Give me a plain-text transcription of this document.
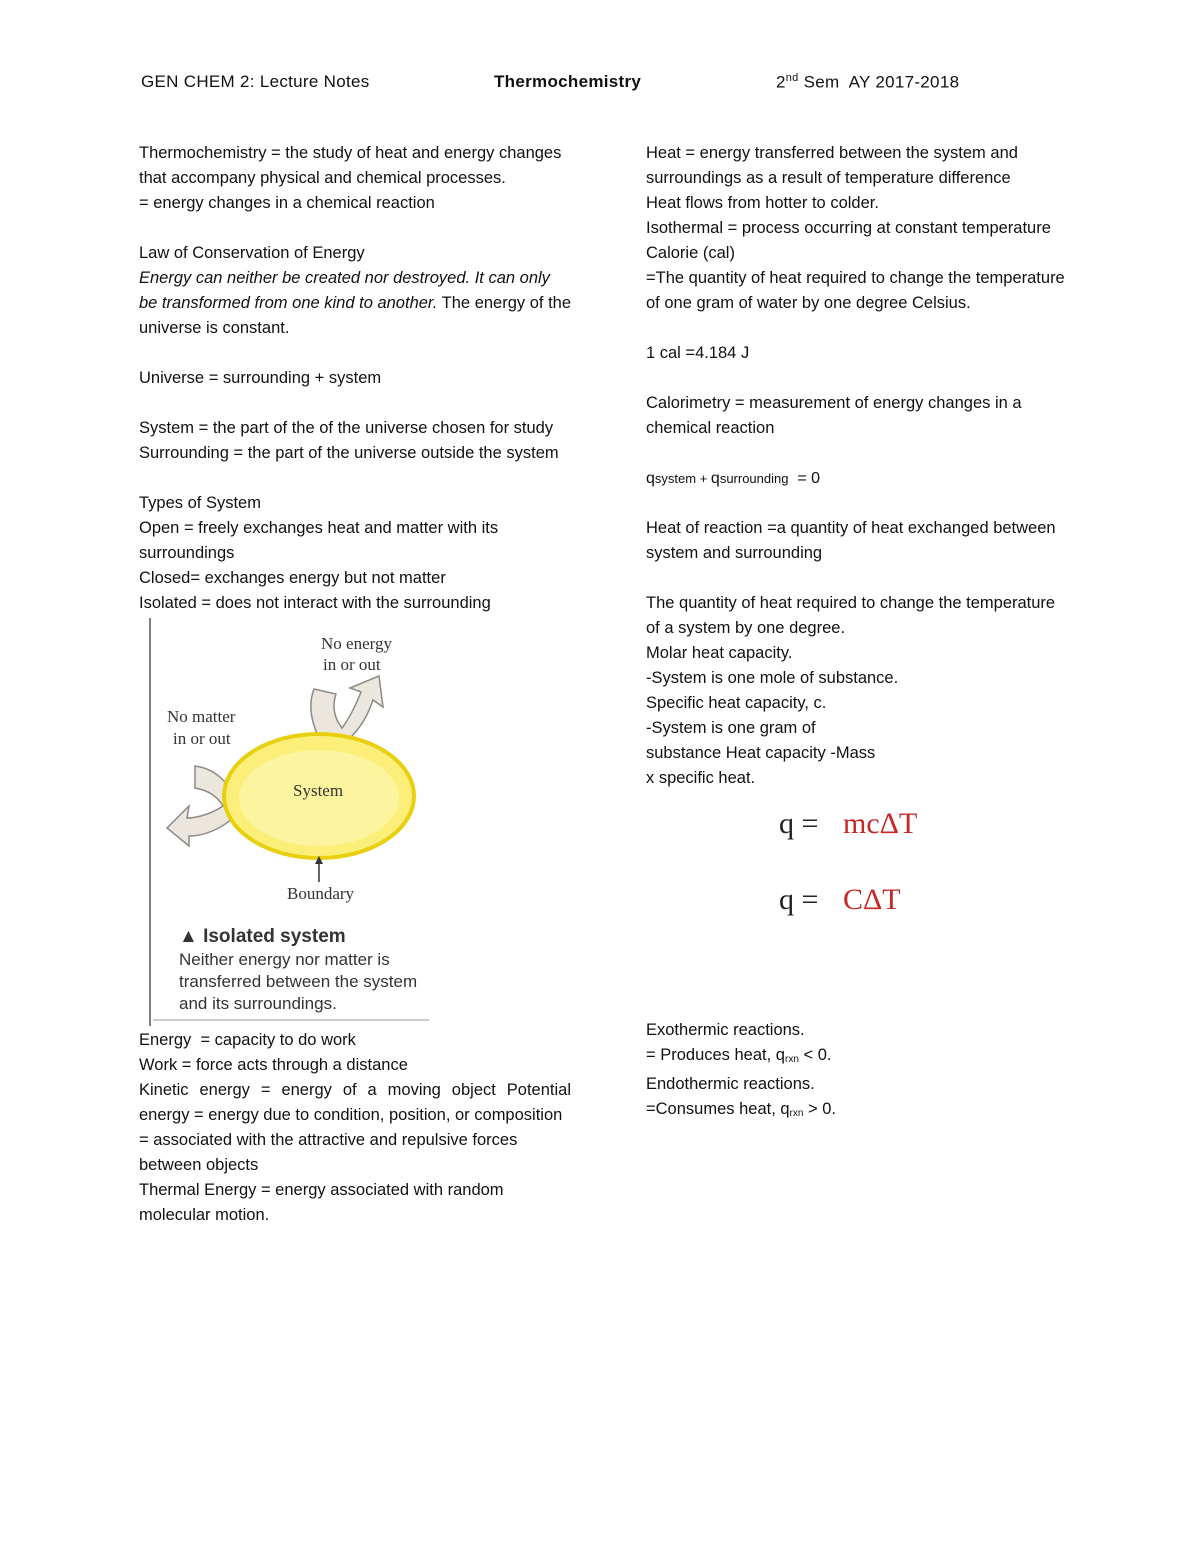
GEN CHEM 2: Lecture Notes	Thermochemistry	2nd Sem  AY 2017-2018

Thermochemistry = the study of heat and energy changes that accompany physical and chemical processes.

= energy changes in a chemical reaction

Law of Conservation of Energy

Energy can neither be created nor destroyed. It can only be transformed from one kind to another. The energy of the universe is constant.

Universe = surrounding + system

System = the part of the of the universe chosen for study

Surrounding = the part of the universe outside the system

Types of System

Open = freely exchanges heat and matter with its surroundings

Closed= exchanges energy but not matter

Isolated = does not interact with the surrounding

No energy
in or out
No matter
in or out
System
Boundary
▲ Isolated system
Neither energy nor matter is transferred between the system and its surroundings.

Energy  = capacity to do work

Work = force acts through a distance

Kinetic energy = energy of a moving object Potential energy = energy due to condition, position, or composition

= associated with the attractive and repulsive forces between objects

Thermal Energy = energy associated with random molecular motion.

Heat = energy transferred between the system and surroundings as a result of temperature difference

Heat flows from hotter to colder.

Isothermal = process occurring at constant temperature

Calorie (cal)

=The quantity of heat required to change the temperature of one gram of water by one degree Celsius.

1 cal =4.184 J

Calorimetry = measurement of energy changes in a chemical reaction

qsystem + qsurrounding  = 0

Heat of reaction =a quantity of heat exchanged between system and surrounding

The quantity of heat required to change the temperature of a system by one degree.

Molar heat capacity.

-System is one mole of substance.

Specific heat capacity, c.

-System is one gram of

substance Heat capacity -Mass

x specific heat.

q = mcΔT
q = CΔT

Exothermic reactions.

= Produces heat, $q_{rxn} < 0$.

Endothermic reactions.

=Consumes heat, $q_{rxn} > 0$.
